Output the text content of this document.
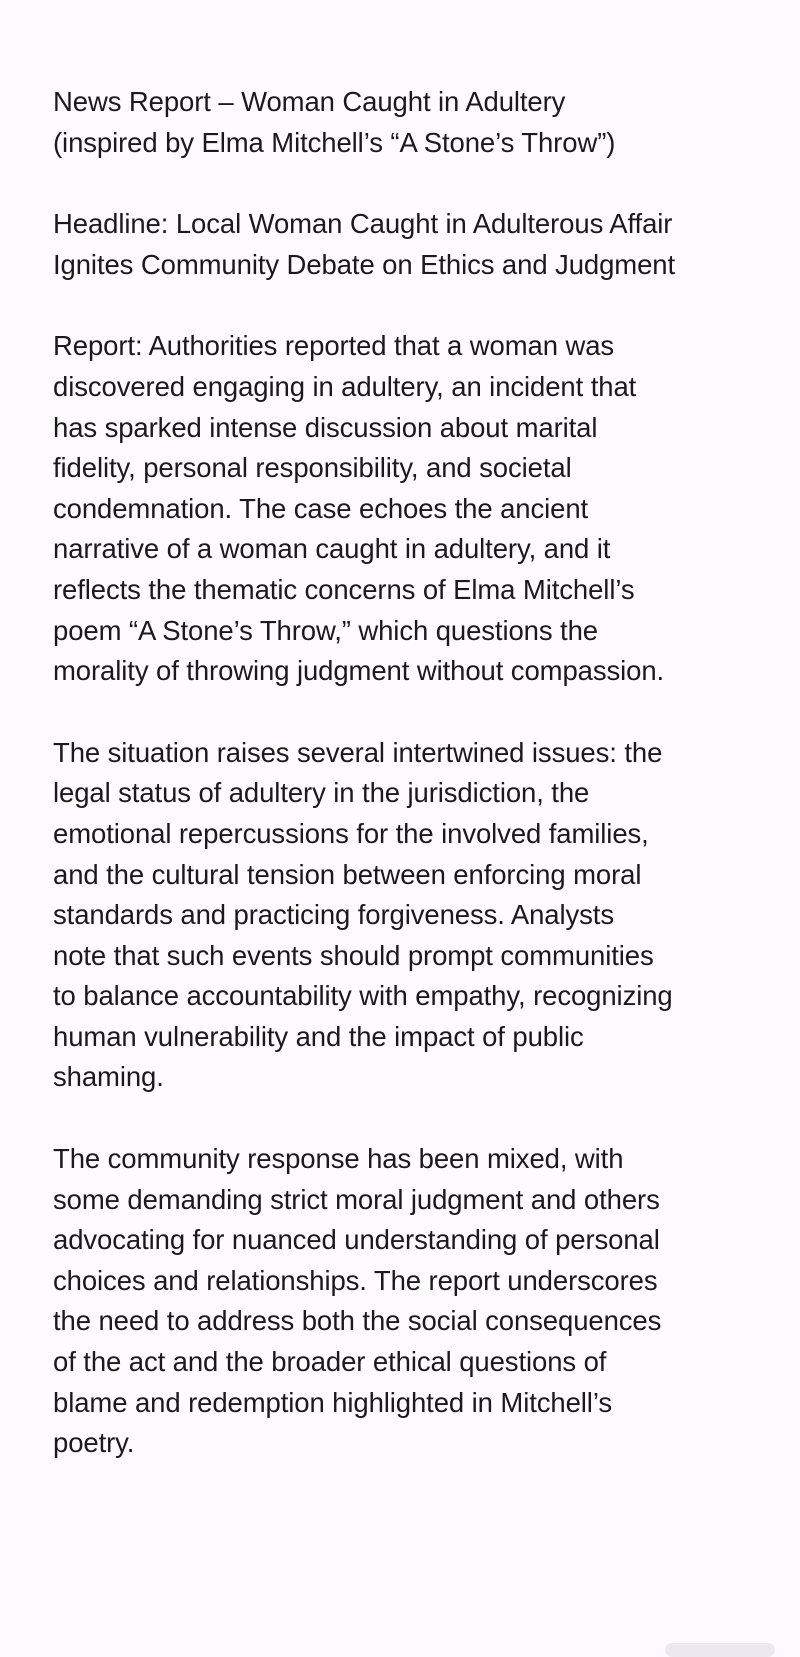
News Report – Woman Caught in Adultery
(inspired by Elma Mitchell’s “A Stone’s Throw”)

Headline: Local Woman Caught in Adulterous Affair
Ignites Community Debate on Ethics and Judgment

Report: Authorities reported that a woman was
discovered engaging in adultery, an incident that
has sparked intense discussion about marital
fidelity, personal responsibility, and societal
condemnation. The case echoes the ancient
narrative of a woman caught in adultery, and it
reflects the thematic concerns of Elma Mitchell’s
poem “A Stone’s Throw,” which questions the
morality of throwing judgment without compassion.

The situation raises several intertwined issues: the
legal status of adultery in the jurisdiction, the
emotional repercussions for the involved families,
and the cultural tension between enforcing moral
standards and practicing forgiveness. Analysts
note that such events should prompt communities
to balance accountability with empathy, recognizing
human vulnerability and the impact of public
shaming.

The community response has been mixed, with
some demanding strict moral judgment and others
advocating for nuanced understanding of personal
choices and relationships. The report underscores
the need to address both the social consequences
of the act and the broader ethical questions of
blame and redemption highlighted in Mitchell’s
poetry.
